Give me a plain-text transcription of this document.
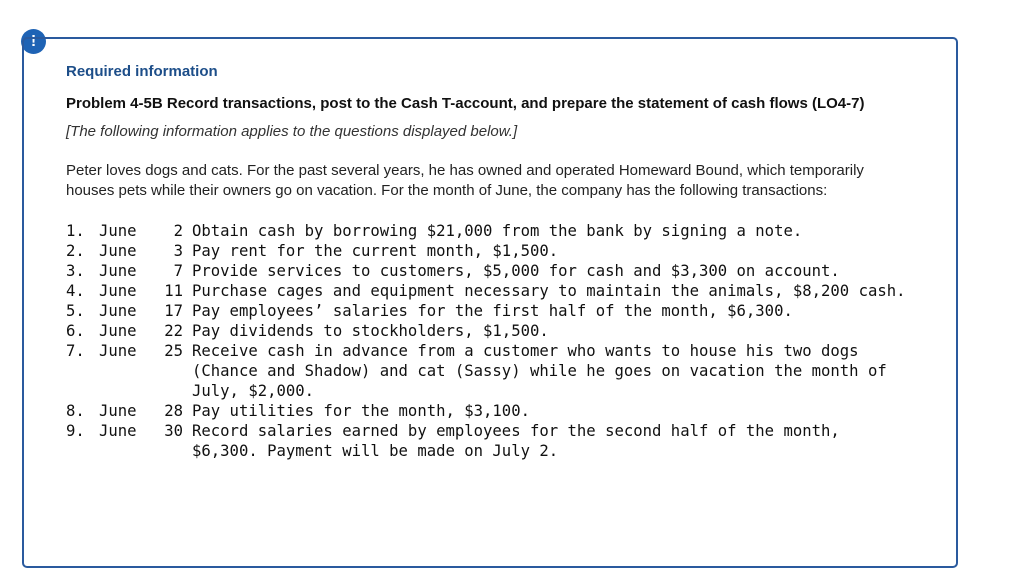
!
Required information
Problem 4-5B Record transactions, post to the Cash T-account, and prepare the statement of cash flows (LO4-7)
[The following information applies to the questions displayed below.]
Peter loves dogs and cats. For the past several years, he has owned and operated Homeward Bound, which temporarily houses pets while their owners go on vacation. For the month of June, the company has the following transactions:
1. June	2 Obtain cash by borrowing $21,000 from the bank by signing a note.
2. June	3 Pay rent for the current month, $1,500.
3. June	7 Provide services to customers, $5,000 for cash and $3,300 on account.
4. June	11 Purchase cages and equipment necessary to maintain the animals, $8,200 cash.
5. June	17 Pay employees’ salaries for the first half of the month, $6,300.
6. June	22 Pay dividends to stockholders, $1,500.
7. June	25 Receive cash in advance from a customer who wants to house his two dogs (Chance and Shadow) and cat (Sassy) while he goes on vacation the month of July, $2,000.
8. June	28 Pay utilities for the month, $3,100.
9. June	30 Record salaries earned by employees for the second half of the month, $6,300. Payment will be made on July 2.
